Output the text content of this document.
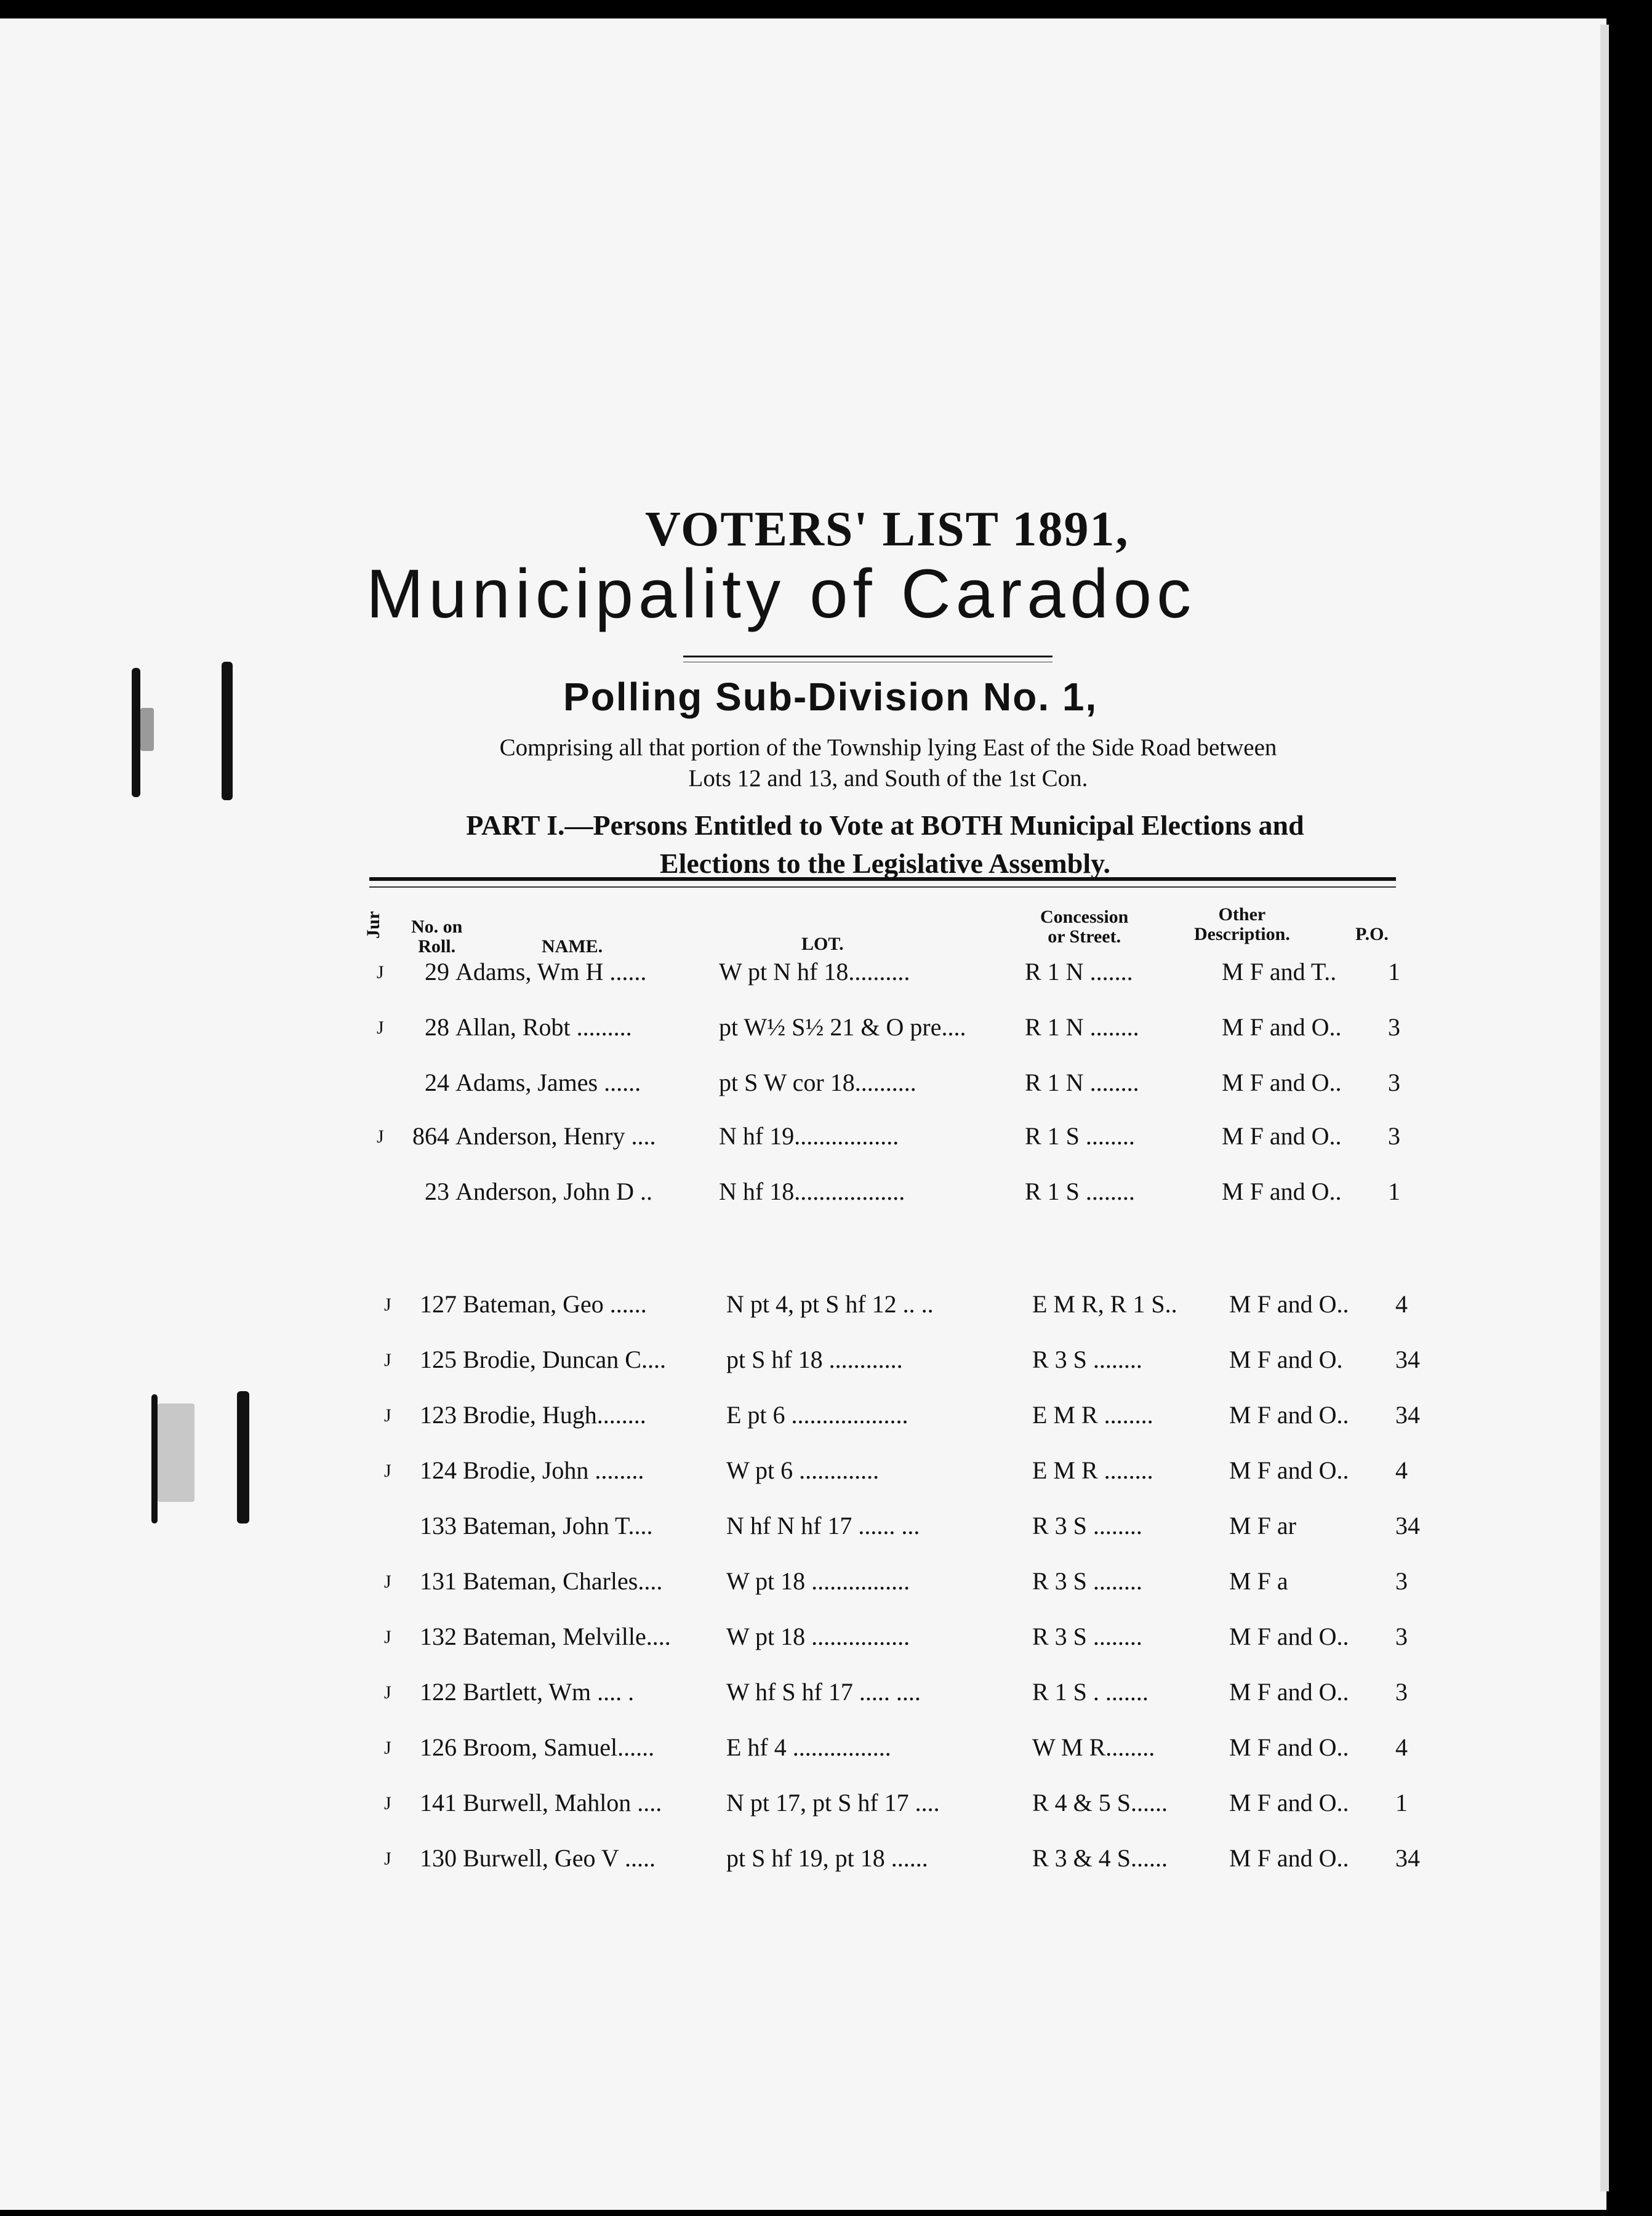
VOTERS' LIST 1891,
Municipality of Caradoc
Polling Sub-Division No. 1,
Comprising all that portion of the Township lying East of the Side Road between
Lots 12 and 13, and South of the 1st Con.
PART I.—Persons Entitled to Vote at BOTH Municipal Elections and
Elections to the Legislative Assembly.
Jur No. on
Roll.	NAME.	LOT.
Concession
or Street.
Other
Description.	P.O.
J	29 Adams, Wm H ......	W pt N hf 18..........	R 1 N .......	M F and T.. 1
J	28 Allan, Robt .........	pt W½ S½ 21 & O pre.... R 1 N ........	M F and O.. 3
24 Adams, James ......	pt S W cor 18..........	R 1 N ........	M F and O.. 3
J	864 Anderson, Henry ....	N hf 19.................	R 1 S ........	M F and O.. 3
23 Anderson, John D ..	N hf 18..................	R 1 S ........	M F and O.. 1
J	127 Bateman, Geo ......	N pt 4, pt S hf 12 .. ..	E M R, R 1 S.. M F and O.. 4
J	125 Brodie, Duncan C.... pt S hf 18 ............	R 3 S ........	M F and O. 34
J	123 Brodie, Hugh........	E pt 6 ...................	E M R ........	M F and O.. 34
J	124 Brodie, John ........	W pt 6 .............	E M R ........	M F and O.. 4
133 Bateman, John T....	N hf N hf 17 ...... ...	R 3 S ........	M F ar	34
J	131 Bateman, Charles....	W pt 18 ................	R 3 S ........	M F a	3
J	132 Bateman, Melville.... W pt 18 ................	R 3 S ........	M F and O.. 3
J	122 Bartlett, Wm .... .	W hf S hf 17 ..... ....	R 1 S . .......	M F and O.. 3
J	126 Broom, Samuel......	E hf 4 ................	W M R........	M F and O.. 4
J	141 Burwell, Mahlon ....	N pt 17, pt S hf 17 ....	R 4 & 5 S...... M F and O.. 1
J	130 Burwell, Geo V .....	pt S hf 19, pt 18 ......	R 3 & 4 S...... M F and O.. 34
